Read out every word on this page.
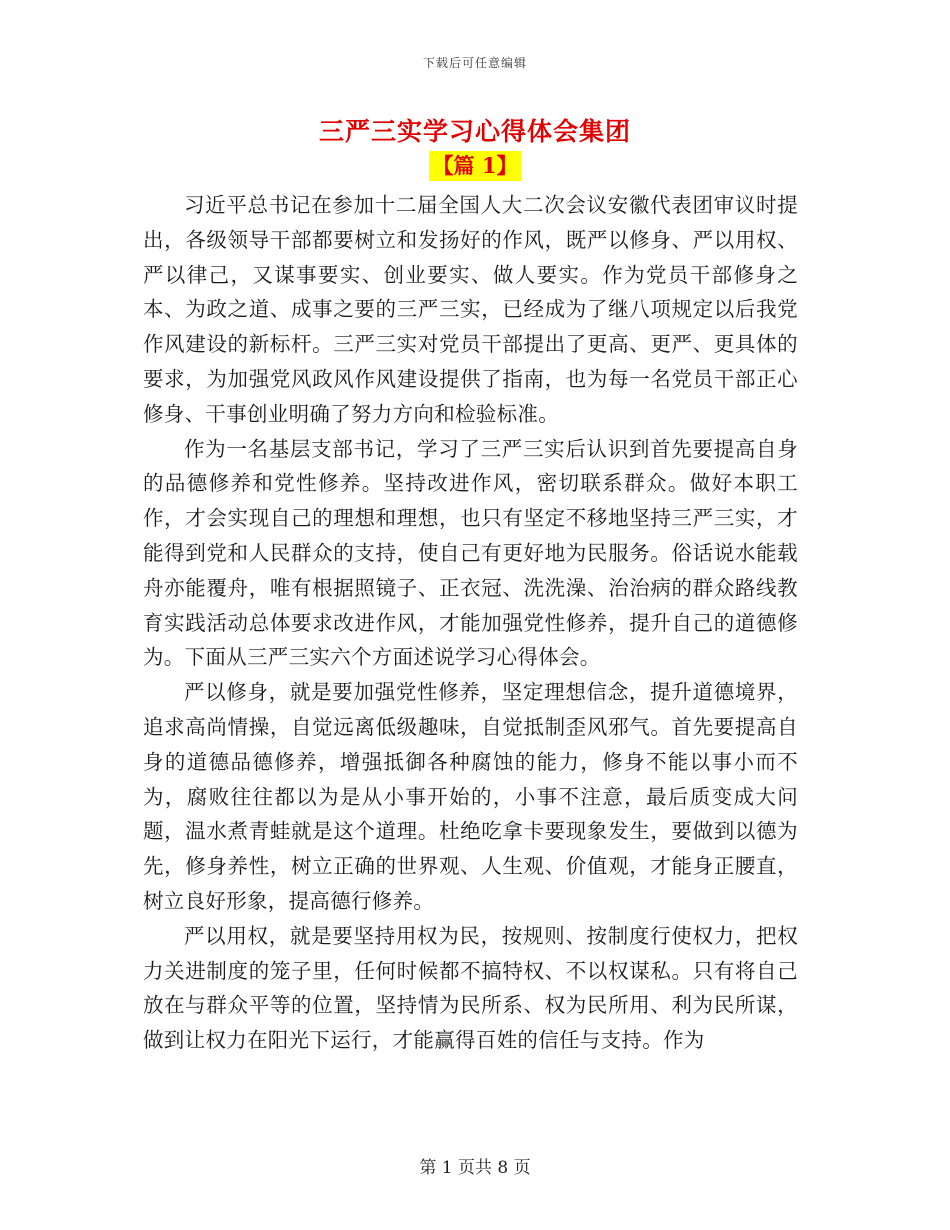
下载后可任意编辑
三严三实学习心得体会集团
【篇 1】

习近平总书记在参加十二届全国人大二次会议安徽代表团审议时提出，各级领导干部都要树立和发扬好的作风，既严以修身、严以用权、严以律己，又谋事要实、创业要实、做人要实。作为党员干部修身之本、为政之道、成事之要的三严三实，已经成为了继八项规定以后我党作风建设的新标杆。三严三实对党员干部提出了更高、更严、更具体的要求，为加强党风政风作风建设提供了指南，也为每一名党员干部正心修身、干事创业明确了努力方向和检验标准。

作为一名基层支部书记，学习了三严三实后认识到首先要提高自身的品德修养和党性修养。坚持改进作风，密切联系群众。做好本职工作，才会实现自己的理想和理想，也只有坚定不移地坚持三严三实，才能得到党和人民群众的支持，使自己有更好地为民服务。俗话说水能载舟亦能覆舟，唯有根据照镜子、正衣冠、洗洗澡、治治病的群众路线教育实践活动总体要求改进作风，才能加强党性修养，提升自己的道德修为。下面从三严三实六个方面述说学习心得体会。

严以修身，就是要加强党性修养，坚定理想信念，提升道德境界，追求高尚情操，自觉远离低级趣味，自觉抵制歪风邪气。首先要提高自身的道德品德修养，增强抵御各种腐蚀的能力，修身不能以事小而不为，腐败往往都以为是从小事开始的，小事不注意，最后质变成大问题，温水煮青蛙就是这个道理。杜绝吃拿卡要现象发生，要做到以德为先，修身养性，树立正确的世界观、人生观、价值观，才能身正腰直，树立良好形象，提高德行修养。

严以用权，就是要坚持用权为民，按规则、按制度行使权力，把权力关进制度的笼子里，任何时候都不搞特权、不以权谋私。只有将自己放在与群众平等的位置，坚持情为民所系、权为民所用、利为民所谋，做到让权力在阳光下运行，才能赢得百姓的信任与支持。作为

第 1 页共 8 页
